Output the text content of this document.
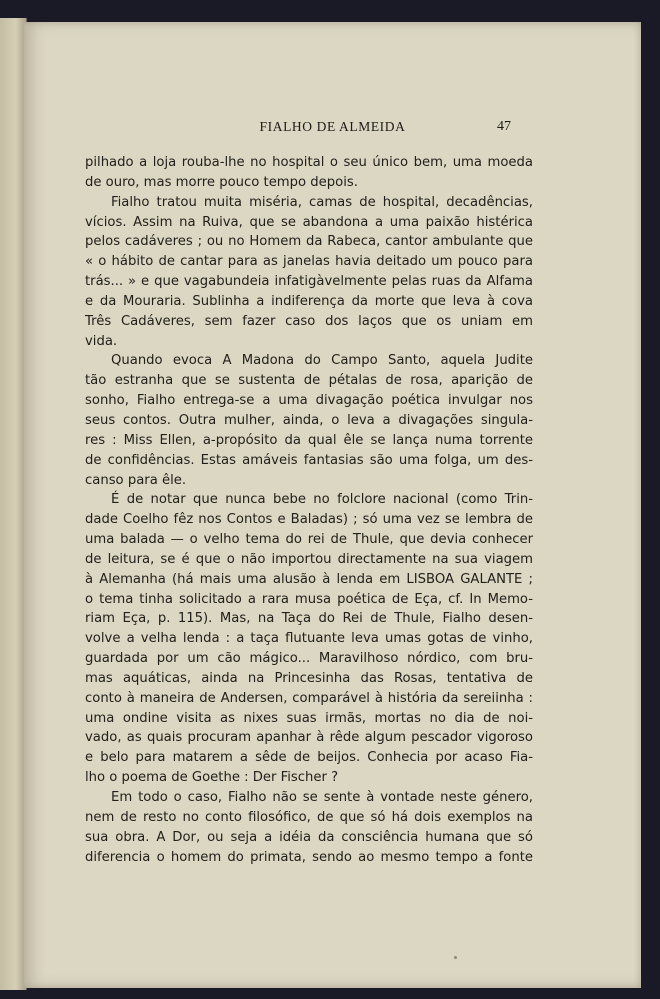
FIALHO DE ALMEIDA	47
pilhado a loja rouba-lhe no hospital o seu único bem, uma moeda
de ouro, mas morre pouco tempo depois.
Fialho tratou muita miséria, camas de hospital, decadências,
vícios. Assim na Ruiva, que se abandona a uma paixão histérica
pelos cadáveres ; ou no Homem da Rabeca, cantor ambulante que
« o hábito de cantar para as janelas havia deitado um pouco para
trás... » e que vagabundeia infatigàvelmente pelas ruas da Alfama
e da Mouraria. Sublinha a indiferença da morte que leva à cova
Três Cadáveres, sem fazer caso dos laços que os uniam em
vida.
Quando evoca A Madona do Campo Santo, aquela Judite
tão estranha que se sustenta de pétalas de rosa, aparição de
sonho, Fialho entrega-se a uma divagação poética invulgar nos
seus contos. Outra mulher, ainda, o leva a divagações singula-
res : Miss Ellen, a-propósito da qual êle se lança numa torrente
de confidências. Estas amáveis fantasias são uma folga, um des-
canso para êle.
É de notar que nunca bebe no folclore nacional (como Trin-
dade Coelho fêz nos Contos e Baladas) ; só uma vez se lembra de
uma balada — o velho tema do rei de Thule, que devia conhecer
de leitura, se é que o não importou directamente na sua viagem
à Alemanha (há mais uma alusão à lenda em LISBOA GALANTE ;
o tema tinha solicitado a rara musa poética de Eça, cf. In Memo-
riam Eça, p. 115). Mas, na Taça do Rei de Thule, Fialho desen-
volve a velha lenda : a taça flutuante leva umas gotas de vinho,
guardada por um cão mágico... Maravilhoso nórdico, com bru-
mas aquáticas, ainda na Princesinha das Rosas, tentativa de
conto à maneira de Andersen, comparável à história da sereiinha :
uma ondine visita as nixes suas irmãs, mortas no dia de noi-
vado, as quais procuram apanhar à rêde algum pescador vigoroso
e belo para matarem a sêde de beijos. Conhecia por acaso Fia-
lho o poema de Goethe : Der Fischer ?
Em todo o caso, Fialho não se sente à vontade neste género,
nem de resto no conto filosófico, de que só há dois exemplos na
sua obra. A Dor, ou seja a idéia da consciência humana que só
diferencia o homem do primata, sendo ao mesmo tempo a fonte
